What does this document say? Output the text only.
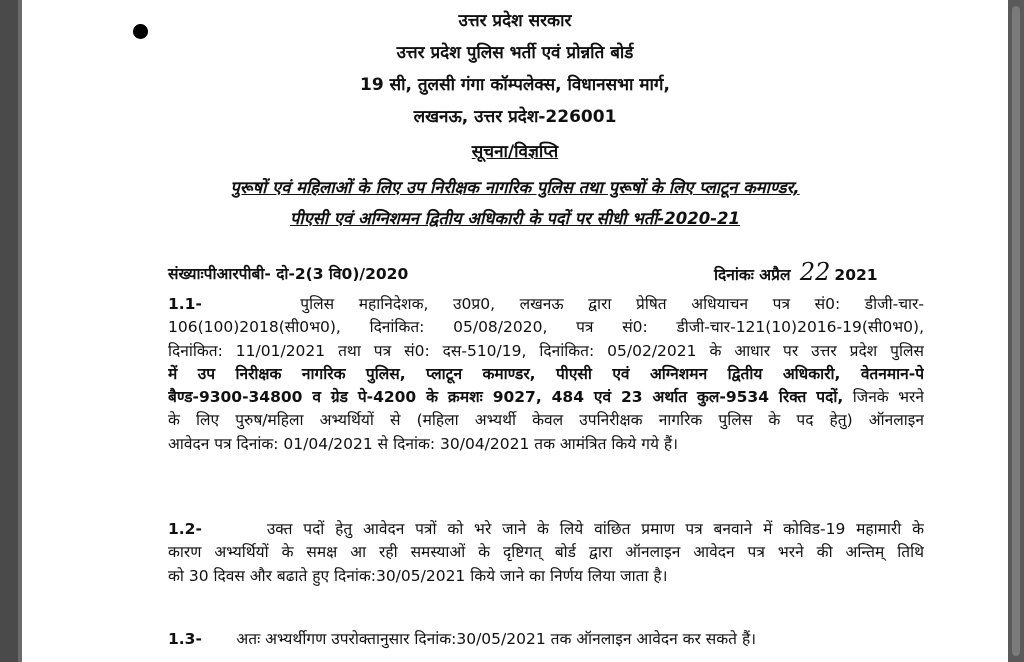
उत्तर प्रदेश सरकार
उत्तर प्रदेश पुलिस भर्ती एवं प्रोन्नति बोर्ड
19 सी, तुलसी गंगा कॉम्पलेक्स, विधानसभा मार्ग,
लखनऊ, उत्तर प्रदेश-226001
सूचना/विज्ञप्ति
पुरूषों एवं महिलाओं के लिए उप निरीक्षक नागरिक पुलिस तथा पुरूषों के लिए प्लाटून कमाण्डर,
पीएसी एवं अग्निशमन द्वितीय अधिकारी के पदों पर सीधी भर्ती-2020-21
संख्याःपीआरपीबी- दो-2(3 वि0)/2020	दिनांकः अप्रैल 22 2021
1.1-	पुलिस महानिदेशक, उ0प्र0, लखनऊ द्वारा प्रेषित अधियाचन पत्र सं0: डीजी-चार-
106(100)2018(सी0भ0), दिनांकित: 05/08/2020, पत्र सं0: डीजी-चार-121(10)2016-19(सी0भ0),
दिनांकित: 11/01/2021 तथा पत्र सं0: दस-510/19, दिनांकित: 05/02/2021 के आधार पर उत्तर प्रदेश पुलिस
में उप निरीक्षक नागरिक पुलिस, प्लाटून कमाण्डर, पीएसी एवं अग्निशमन द्वितीय अधिकारी, वेतनमान-पे
बैण्ड-9300-34800 व ग्रेड पे-4200 के क्रमशः 9027, 484 एवं 23 अर्थात कुल-9534 रिक्त पदों, जिनके भरने
के लिए पुरुष/महिला अभ्यर्थियों से (महिला अभ्यर्थी केवल उपनिरीक्षक नागरिक पुलिस के पद हेतु) ऑनलाइन
आवेदन पत्र दिनांक: 01/04/2021 से दिनांक: 30/04/2021 तक आमंत्रित किये गये हैं।
1.2-	उक्त पदों हेतु आवेदन पत्रों को भरे जाने के लिये वांछित प्रमाण पत्र बनवाने में कोविड-19 महामारी के
कारण अभ्यर्थियों के समक्ष आ रही समस्याओं के दृष्टिगत् बोर्ड द्वारा ऑनलाइन आवेदन पत्र भरने की अन्तिम् तिथि
को 30 दिवस और बढाते हुए दिनांक:30/05/2021 किये जाने का निर्णय लिया जाता है।
1.3- अतः अभ्यर्थीगण उपरोक्तानुसार दिनांक:30/05/2021 तक ऑनलाइन आवेदन कर सकते हैं।
